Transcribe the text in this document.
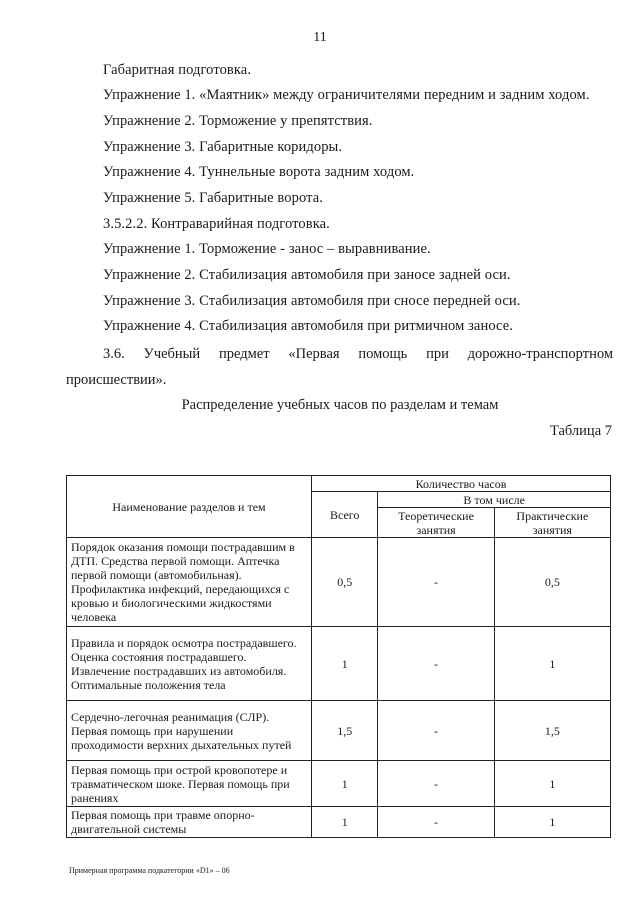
11
Габаритная подготовка.
Упражнение 1. «Маятник» между ограничителями передним и задним ходом.
Упражнение 2. Торможение у препятствия.
Упражнение 3. Габаритные коридоры.
Упражнение 4. Туннельные ворота задним ходом.
Упражнение 5. Габаритные ворота.
3.5.2.2. Контраварийная подготовка.
Упражнение 1. Торможение - занос – выравнивание.
Упражнение 2. Стабилизация автомобиля при заносе задней оси.
Упражнение 3. Стабилизация автомобиля при сносе передней оси.
Упражнение 4. Стабилизация автомобиля при ритмичном заносе.
3.6. Учебный предмет «Первая помощь при дорожно-транспортном
происшествии».
Распределение учебных часов по разделам и темам
Таблица 7
Наименование разделов и тем	Количество часов		
	Всего	В том числе	
		Теоретические занятия	Практические занятия
Порядок оказания помощи пострадавшим в ДТП. Средства первой помощи. Аптечка первой помощи (автомобильная). Профилактика инфекций, передающихся с кровью и биологическими жидкостями человека	0,5	-	0,5
Правила и порядок осмотра пострадавшего. Оценка состояния пострадавшего. Извлечение пострадавших из автомобиля. Оптимальные положения тела	1	-	1
Сердечно-легочная реанимация (СЛР). Первая помощь при нарушении проходимости верхних дыхательных путей	1,5	-	1,5
Первая помощь при острой кровопотере и травматическом шоке. Первая помощь при ранениях	1	-	1
Первая помощь при травме опорно-двигательной системы	1	-	1
Примерная программа подкатегории «D1» – 06
